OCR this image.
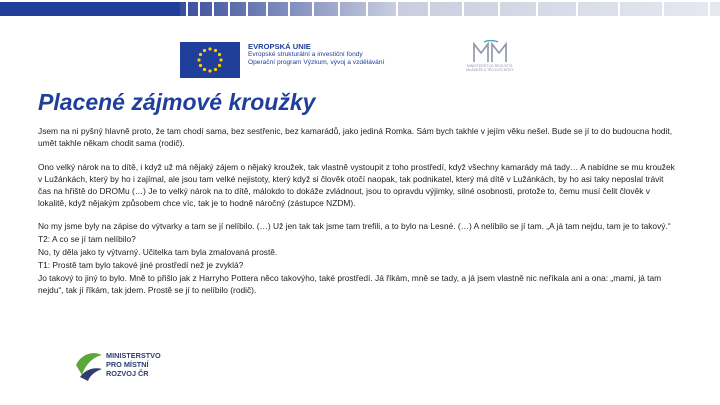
EVROPSKÁ UNIE
Evropské strukturální a investiční fondy
Operační program Výzkum, vývoj a vzdělávání	MINISTERSTVO ŠKOLSTVÍ,
MLÁDEŽE A TĚLOVÝCHOVY
Placené zájmové kroužky

Jsem na ni pyšný hlavně proto, že tam chodí sama, bez sestřenic, bez kamarádů, jako jediná Romka. Sám bych takhle v jejím věku nešel. Bude se jí to do budoucna hodit, umět takhle někam chodit sama (rodič).

Ono velký nárok na to dítě, i když už má nějaký zájem o nějaký kroužek, tak vlastně vystoupit z toho prostředí, když všechny kamarády má tady… A nabídne se mu kroužek v Lužánkách, který by ho i zajímal, ale jsou tam velké nejistoty, který když si člověk otočí naopak, tak podnikatel, který má dítě v Lužánkách, by ho asi taky neposlal trávit čas na hřiště do DROMu (…) Je to velký nárok na to dítě, málokdo to dokáže zvládnout, jsou to opravdu výjimky, silné osobnosti, protože to, čemu musí čelit člověk v lokalitě, když nějakým způsobem chce víc, tak je to hodně náročný (zástupce NZDM).

No my jsme byly na zápise do výtvarky a tam se jí nelíbilo. (…) Už jen tak tak jsme tam trefili, a to bylo na Lesné. (…) A nelíbilo se jí tam. „A já tam nejdu, tam je to takový.“

T2: A co se jí tam nelíbilo?

No, ty děla jako ty výtvarný. Učitelka tam byla zmalovaná prostě.

T1: Prostě tam bylo takové jiné prostředí než je zvyklá?

Jo takový to jiný to bylo. Mně to přišlo jak z Harryho Pottera něco takovýho, také prostředí. Já říkám, mně se tady, a já jsem vlastně nic neříkala ani a ona: „mami, já tam nejdu“, tak jí říkám, tak jdem. Prostě se jí to nelíbilo (rodič).

MINISTERSTVO
PRO MÍSTNÍ
ROZVOJ ČR
